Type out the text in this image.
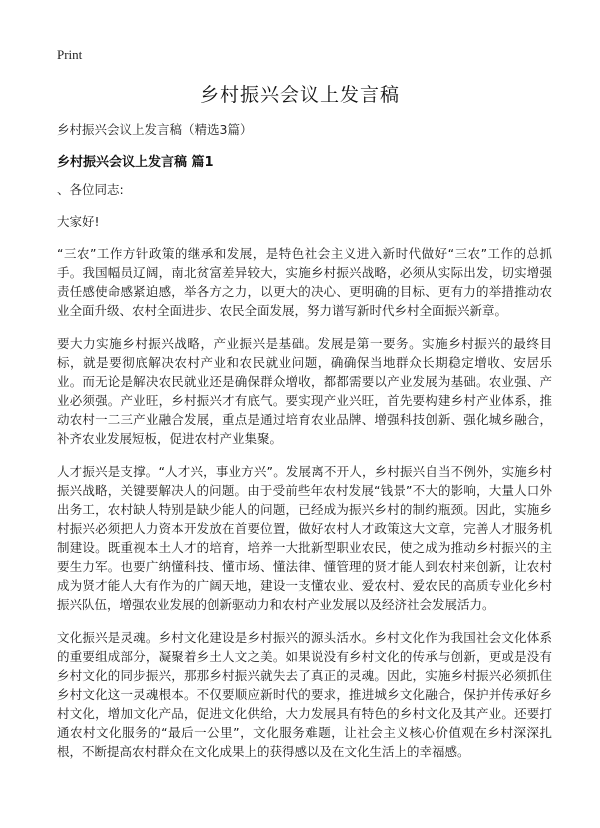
Print
乡村振兴会议上发言稿
乡村振兴会议上发言稿（精选3篇）
乡村振兴会议上发言稿 篇1

、各位同志:

大家好!

“三农”工作方针政策的继承和发展，是特色社会主义进入新时代做好“三农”工作的总抓手。我国幅员辽阔，南北贫富差异较大，实施乡村振兴战略，必须从实际出发，切实增强责任感使命感紧迫感，举各方之力，以更大的决心、更明确的目标、更有力的举措推动农业全面升级、农村全面进步、农民全面发展，努力谱写新时代乡村全面振兴新章。

要大力实施乡村振兴战略，产业振兴是基础。发展是第一要务。实施乡村振兴的最终目标，就是要彻底解决农村产业和农民就业问题，确确保当地群众长期稳定增收、安居乐业。而无论是解决农民就业还是确保群众增收，都都需要以产业发展为基础。农业强、产业必须强。产业旺，乡村振兴才有底气。要实现产业兴旺，首先要构建乡村产业体系，推动农村一二三产业融合发展，重点是通过培育农业品牌、增强科技创新、强化城乡融合，补齐农业发展短板，促进农村产业集聚。

人才振兴是支撑。“人才兴，事业方兴”。发展离不开人，乡村振兴自当不例外，实施乡村振兴战略，关键要解决人的问题。由于受前些年农村发展“钱景”不大的影响，大量人口外出务工，农村缺人特别是缺少能人的问题，已经成为振兴乡村的制约瓶颈。因此，实施乡村振兴必须把人力资本开发放在首要位置，做好农村人才政策这大文章，完善人才服务机制建设。既重视本土人才的培育，培养一大批新型职业农民，使之成为推动乡村振兴的主要生力军。也要广纳懂科技、懂市场、懂法律、懂管理的贤才能人到农村来创新，让农村成为贤才能人大有作为的广阔天地，建设一支懂农业、爱农村、爱农民的高质专业化乡村振兴队伍，增强农业发展的创新驱动力和农村产业发展以及经济社会发展活力。

文化振兴是灵魂。乡村文化建设是乡村振兴的源头活水。乡村文化作为我国社会文化体系的重要组成部分，凝聚着乡土人文之美。如果说没有乡村文化的传承与创新，更或是没有乡村文化的同步振兴，那那乡村振兴就失去了真正的灵魂。因此，实施乡村振兴必须抓住乡村文化这一灵魂根本。不仅要顺应新时代的要求，推进城乡文化融合，保护并传承好乡村文化，增加文化产品，促进文化供给，大力发展具有特色的乡村文化及其产业。还要打通农村文化服务的“最后一公里”，文化服务难题，让社会主义核心价值观在乡村深深扎根，不断提高农村群众在文化成果上的获得感以及在文化生活上的幸福感。
